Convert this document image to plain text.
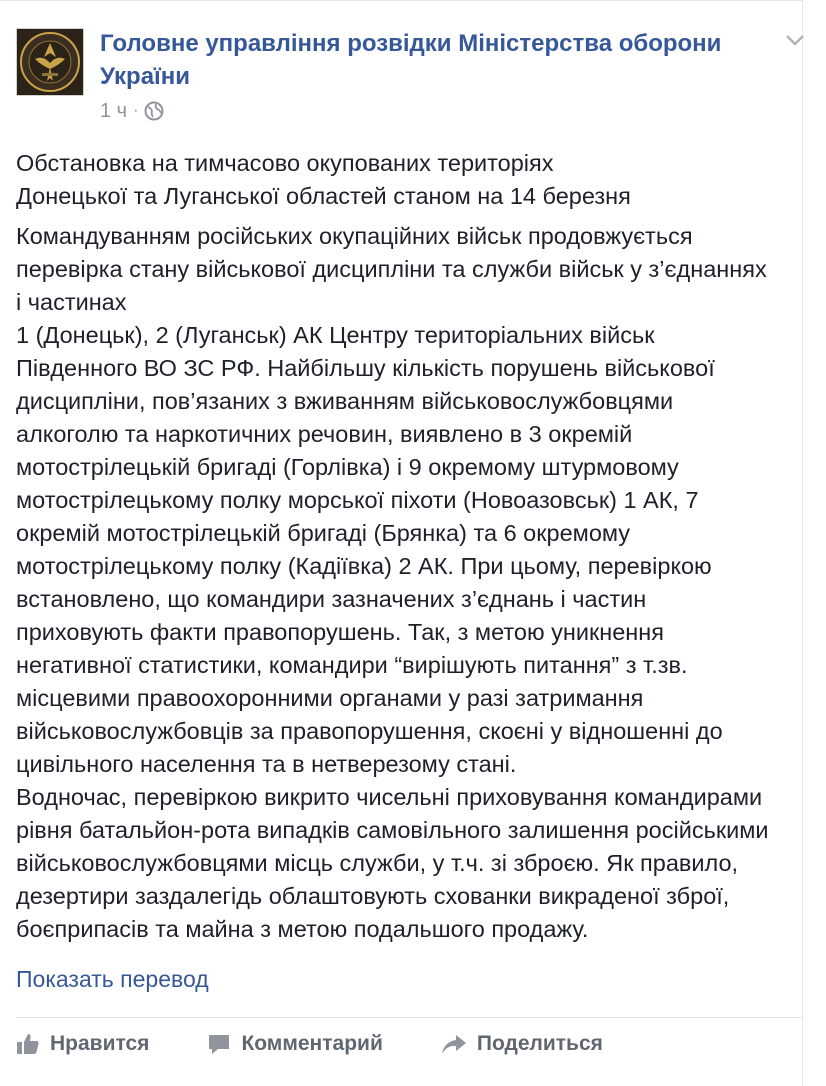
Головне управління розвідки Міністерства оборони України
1 ч ·

Обстановка на тимчасово окупованих територіях

Донецької та Луганської областей станом на 14 березня

Командуванням російських окупаційних військ продовжується

перевірка стану військової дисципліни та служби військ у з’єднаннях

і частинах

1 (Донецьк), 2 (Луганськ) АК Центру територіальних військ

Південного ВО ЗС РФ. Найбільшу кількість порушень військової

дисципліни, пов’язаних з вживанням військовослужбовцями

алкоголю та наркотичних речовин, виявлено в 3 окремій

мотострілецькій бригаді (Горлівка) і 9 окремому штурмовому

мотострілецькому полку морської піхоти (Новоазовськ) 1 АК, 7

окремій мотострілецькій бригаді (Брянка) та 6 окремому

мотострілецькому полку (Кадіївка) 2 АК. При цьому, перевіркою

встановлено, що командири зазначених з’єднань і частин

приховують факти правопорушень. Так, з метою уникнення

негативної статистики, командири “вирішують питання” з т.зв.

місцевими правоохоронними органами у разі затримання

військовослужбовців за правопорушення, скоєні у відношенні до

цивільного населення та в нетверезому стані.

Водночас, перевіркою викрито чисельні приховування командирами

рівня батальйон-рота випадків самовільного залишення російськими

військовослужбовцями місць служби, у т.ч. зі зброєю. Як правило,

дезертири заздалегідь облаштовують схованки викраденої зброї,

боєприпасів та майна з метою подальшого продажу.

Показать перевод
Нравится	Комментарий	Поделиться
